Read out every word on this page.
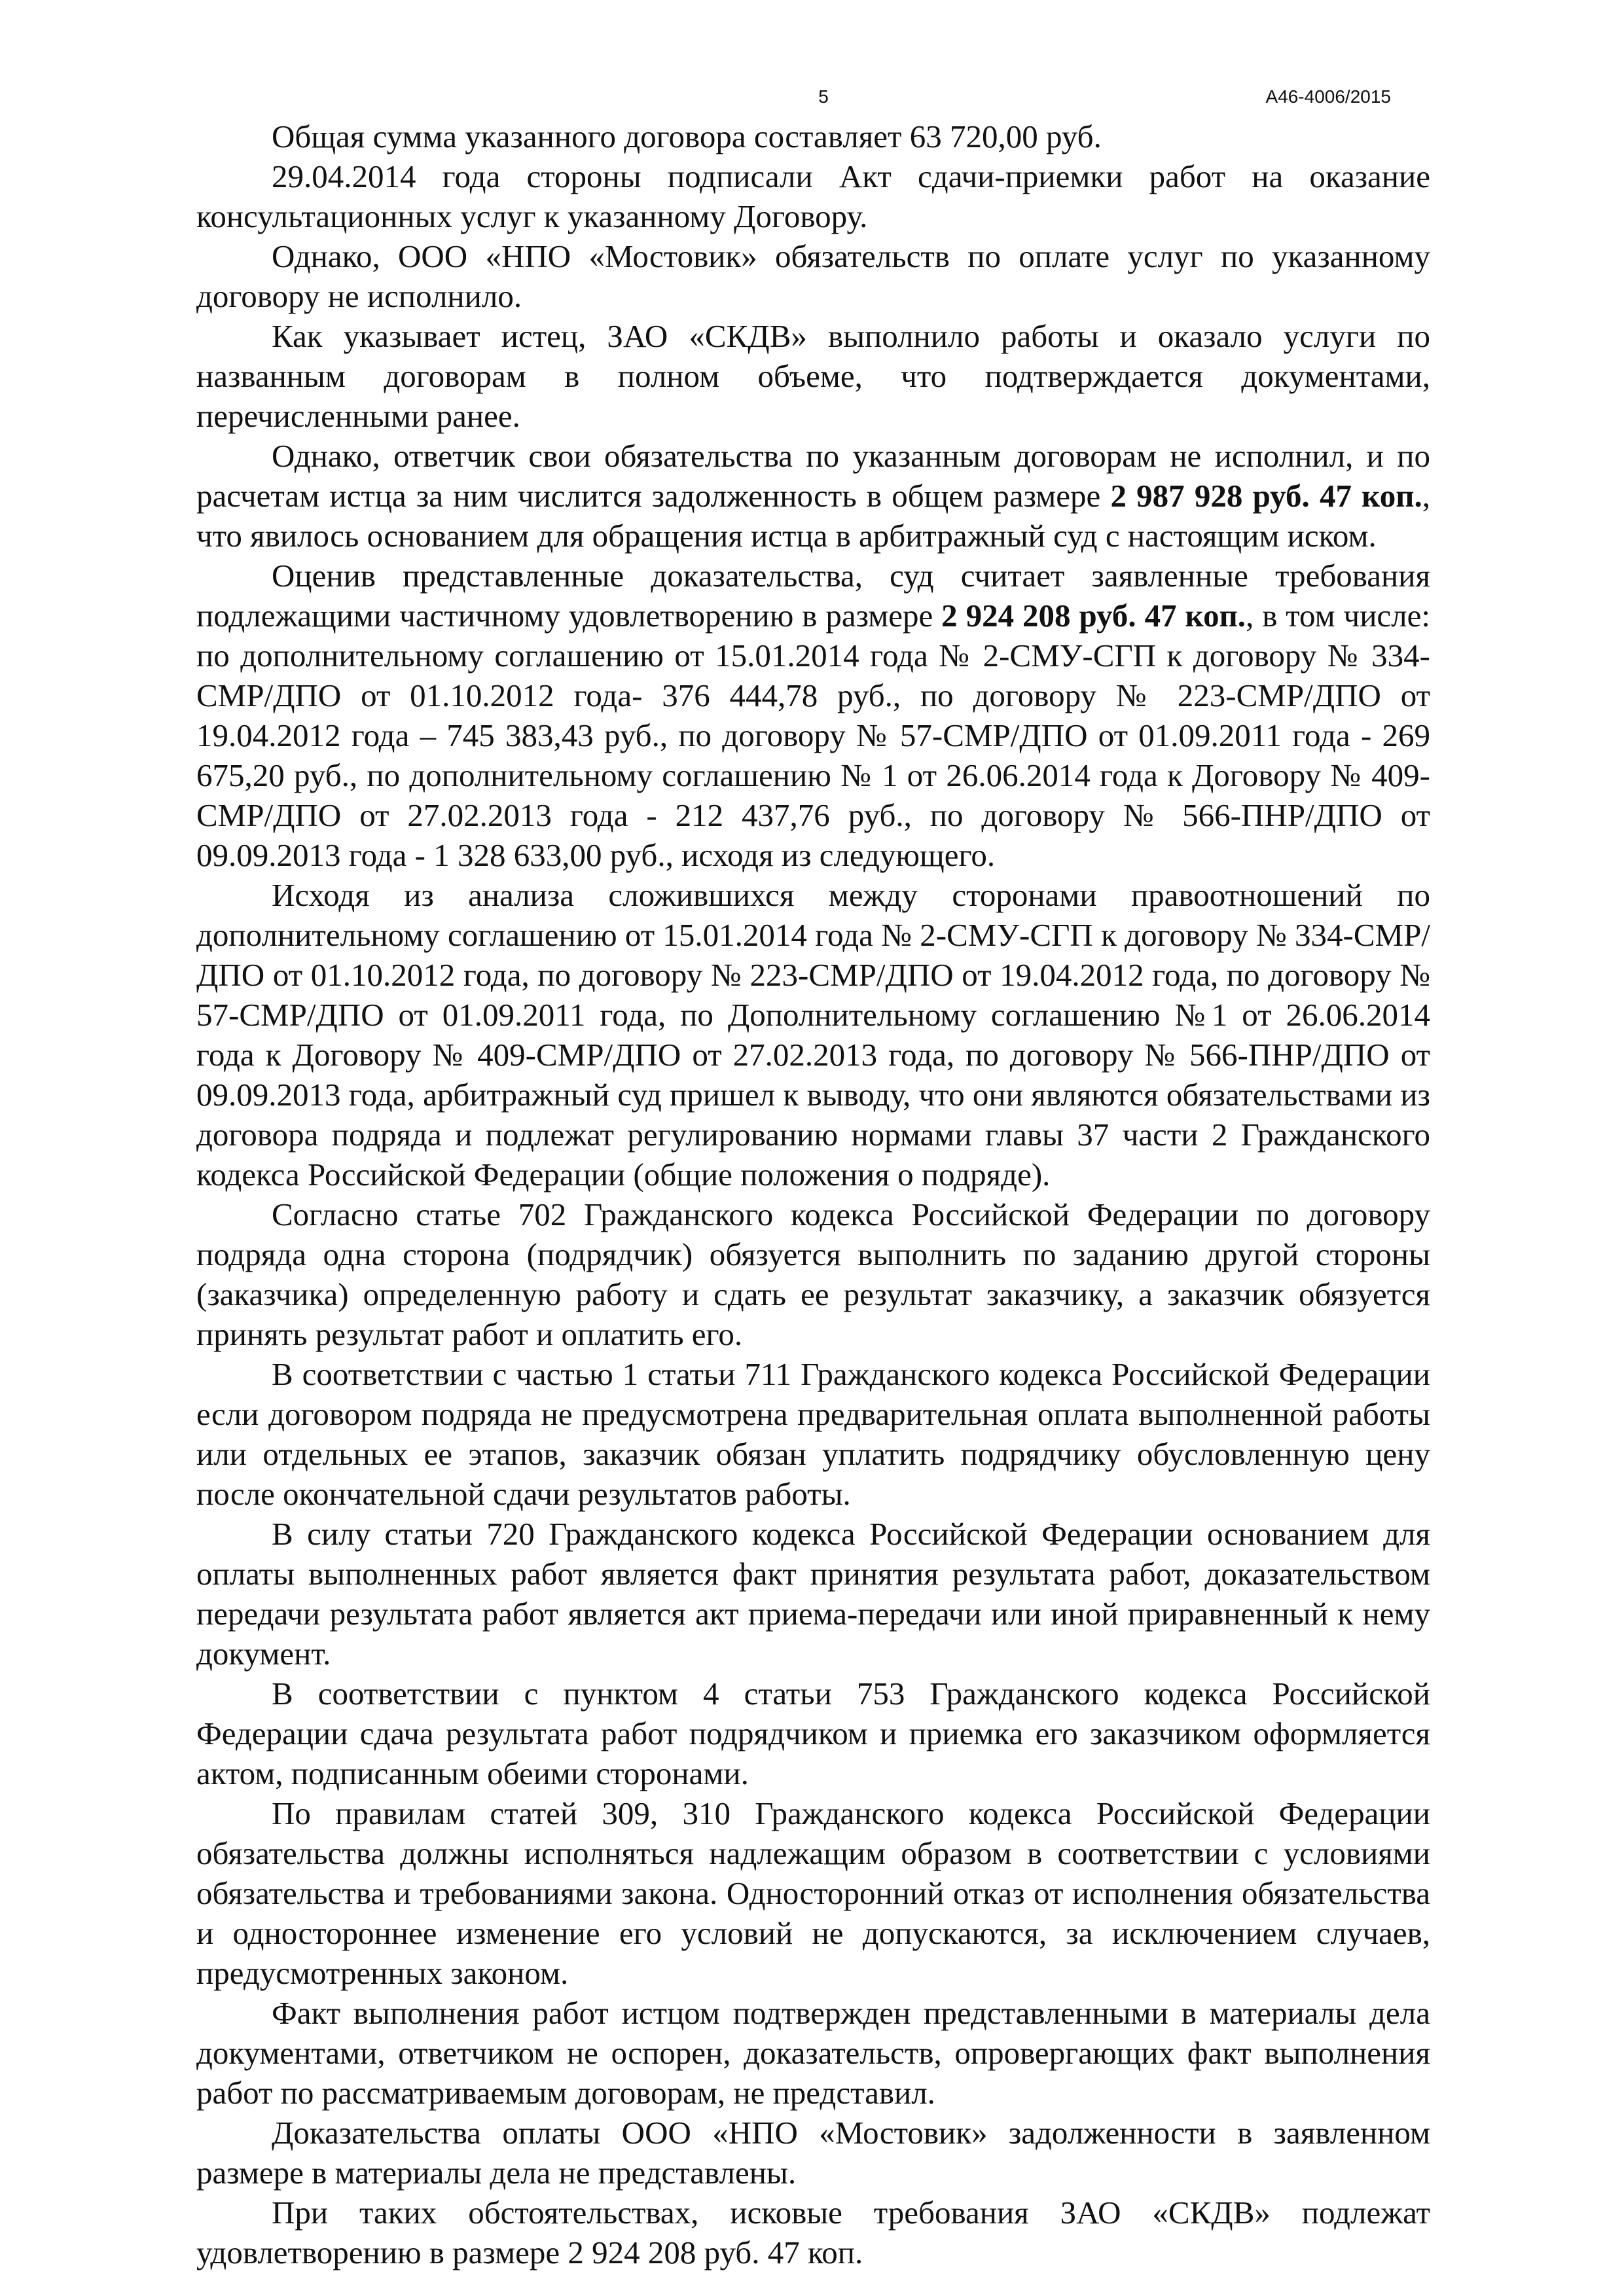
5	А46-4006/2015

Общая сумма указанного договора составляет 63 720,00 руб.

29.04.2014 года стороны подписали Акт сдачи-приемки работ на оказание консультационных услуг к указанному Договору.

Однако, ООО «НПО «Мостовик» обязательств по оплате услуг по указанному договору не исполнило.

Как указывает истец, ЗАО «СКДВ» выполнило работы и оказало услуги по названным договорам в полном объеме, что подтверждается документами, перечисленными ранее.

Однако, ответчик свои обязательства по указанным договорам не исполнил, и по расчетам истца за ним числится задолженность в общем размере 2 987 928 руб. 47 коп., что явилось основанием для обращения истца в арбитражный суд с настоящим иском.

Оценив представленные доказательства, суд считает заявленные требования подлежащими частичному удовлетворению в размере 2 924 208 руб. 47 коп., в том числе: по дополнительному соглашению от 15.01.2014 года № 2-СМУ-СГП к договору № 334-СМР/ДПО от 01.10.2012 года- 376 444,78 руб., по договору № 223-СМР/ДПО от 19.04.2012 года – 745 383,43 руб., по договору № 57-СМР/ДПО от 01.09.2011 года - 269 675,20 руб., по дополнительному соглашению № 1 от 26.06.2014 года к Договору № 409-СМР/ДПО от 27.02.2013 года - 212 437,76 руб., по договору № 566-ПНР/ДПО от 09.09.2013 года - 1 328 633,00 руб., исходя из следующего.

Исходя из анализа сложившихся между сторонами правоотношений по дополнительному соглашению от 15.01.2014 года № 2-СМУ-СГП к договору № 334-СМР/ДПО от 01.10.2012 года, по договору № 223-СМР/ДПО от 19.04.2012 года, по договору № 57-СМР/ДПО от 01.09.2011 года, по Дополнительному соглашению №1 от 26.06.2014 года к Договору № 409-СМР/ДПО от 27.02.2013 года, по договору № 566-ПНР/ДПО от 09.09.2013 года, арбитражный суд пришел к выводу, что они являются обязательствами из договора подряда и подлежат регулированию нормами главы 37 части 2 Гражданского кодекса Российской Федерации (общие положения о подряде).

Согласно статье 702 Гражданского кодекса Российской Федерации по договору подряда одна сторона (подрядчик) обязуется выполнить по заданию другой стороны (заказчика) определенную работу и сдать ее результат заказчику, а заказчик обязуется принять результат работ и оплатить его.

В соответствии с частью 1 статьи 711 Гражданского кодекса Российской Федерации если договором подряда не предусмотрена предварительная оплата выполненной работы или отдельных ее этапов, заказчик обязан уплатить подрядчику обусловленную цену после окончательной сдачи результатов работы.

В силу статьи 720 Гражданского кодекса Российской Федерации основанием для оплаты выполненных работ является факт принятия результата работ, доказательством передачи результата работ является акт приема-передачи или иной приравненный к нему документ.

В соответствии с пунктом 4 статьи 753 Гражданского кодекса Российской Федерации сдача результата работ подрядчиком и приемка его заказчиком оформляется актом, подписанным обеими сторонами.

По правилам статей 309, 310 Гражданского кодекса Российской Федерации обязательства должны исполняться надлежащим образом в соответствии с условиями обязательства и требованиями закона. Односторонний отказ от исполнения обязательства и одностороннее изменение его условий не допускаются, за исключением случаев, предусмотренных законом.

Факт выполнения работ истцом подтвержден представленными в материалы дела документами, ответчиком не оспорен, доказательств, опровергающих факт выполнения работ по рассматриваемым договорам, не представил.

Доказательства оплаты ООО «НПО «Мостовик» задолженности в заявленном размере в материалы дела не представлены.

При таких обстоятельствах, исковые требования ЗАО «СКДВ» подлежат удовлетворению в размере 2 924 208 руб. 47 коп.
